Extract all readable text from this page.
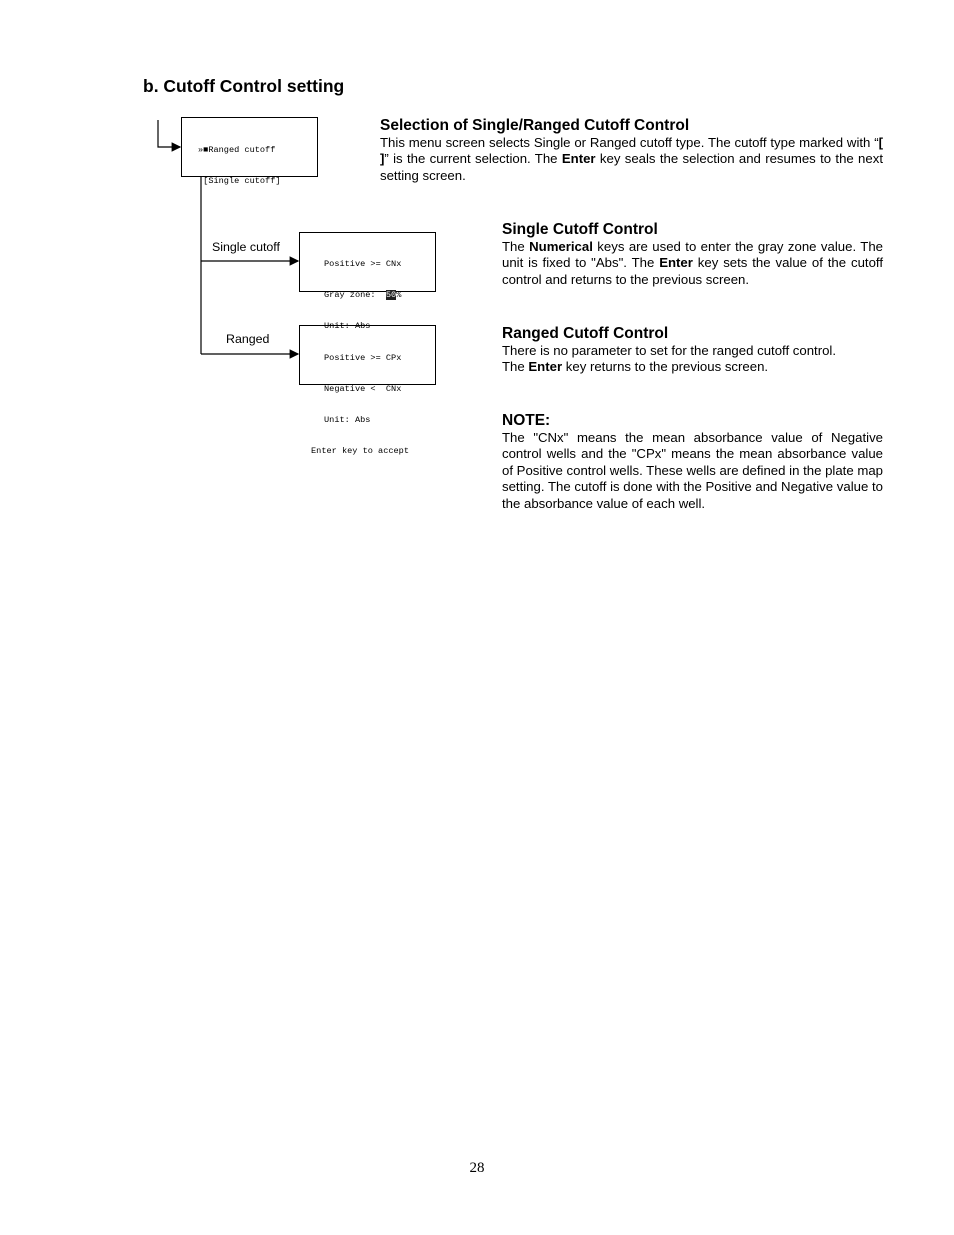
b. Cutoff Control setting

»■Ranged cutoff

[Single cutoff]

Single cutoff

Positive >= CNx

Gray zone:  50%

Unit: Abs

Ranged

Positive >= CPx

Negative <  CNx

Unit: Abs

Enter key to accept

Selection of Single/Ranged Cutoff Control
This menu screen selects Single or Ranged cutoff type. The cutoff type marked with “[ ]” is the current selection. The Enter key seals the selection and resumes to the next setting screen.
Single Cutoff Control
The Numerical keys are used to enter the gray zone value. The unit is fixed to "Abs". The Enter key sets the value of the cutoff control and returns to the previous screen.
Ranged Cutoff Control
There is no parameter to set for the ranged cutoff control.
The Enter key returns to the previous screen.
NOTE:
The "CNx" means the mean absorbance value of Negative control wells and the "CPx" means the mean absorbance value of Positive control wells. These wells are defined in the plate map setting. The cutoff is done with the Positive and Negative value to the absorbance value of each well.
28
